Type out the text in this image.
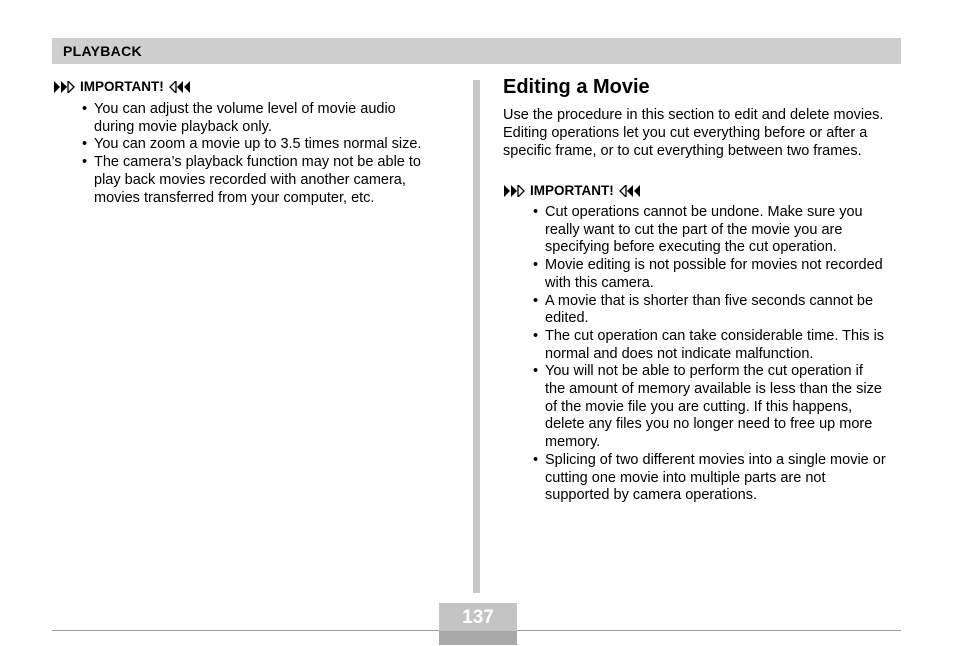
PLAYBACK
IMPORTANT!
• You can adjust the volume level of movie audio
during movie playback only.
• You can zoom a movie up to 3.5 times normal size.
• The camera’s playback function may not be able to
play back movies recorded with another camera,
movies transferred from your computer, etc.
Editing a Movie

Use the procedure in this section to edit and delete movies.
Editing operations let you cut everything before or after a
specific frame, or to cut everything between two frames.

IMPORTANT!
• Cut operations cannot be undone. Make sure you
really want to cut the part of the movie you are
specifying before executing the cut operation.
• Movie editing is not possible for movies not recorded
with this camera.
• A movie that is shorter than five seconds cannot be
edited.
• The cut operation can take considerable time. This is
normal and does not indicate malfunction.
• You will not be able to perform the cut operation if
the amount of memory available is less than the size
of the movie file you are cutting. If this happens,
delete any files you no longer need to free up more
memory.
• Splicing of two different movies into a single movie or
cutting one movie into multiple parts are not
supported by camera operations.
137
